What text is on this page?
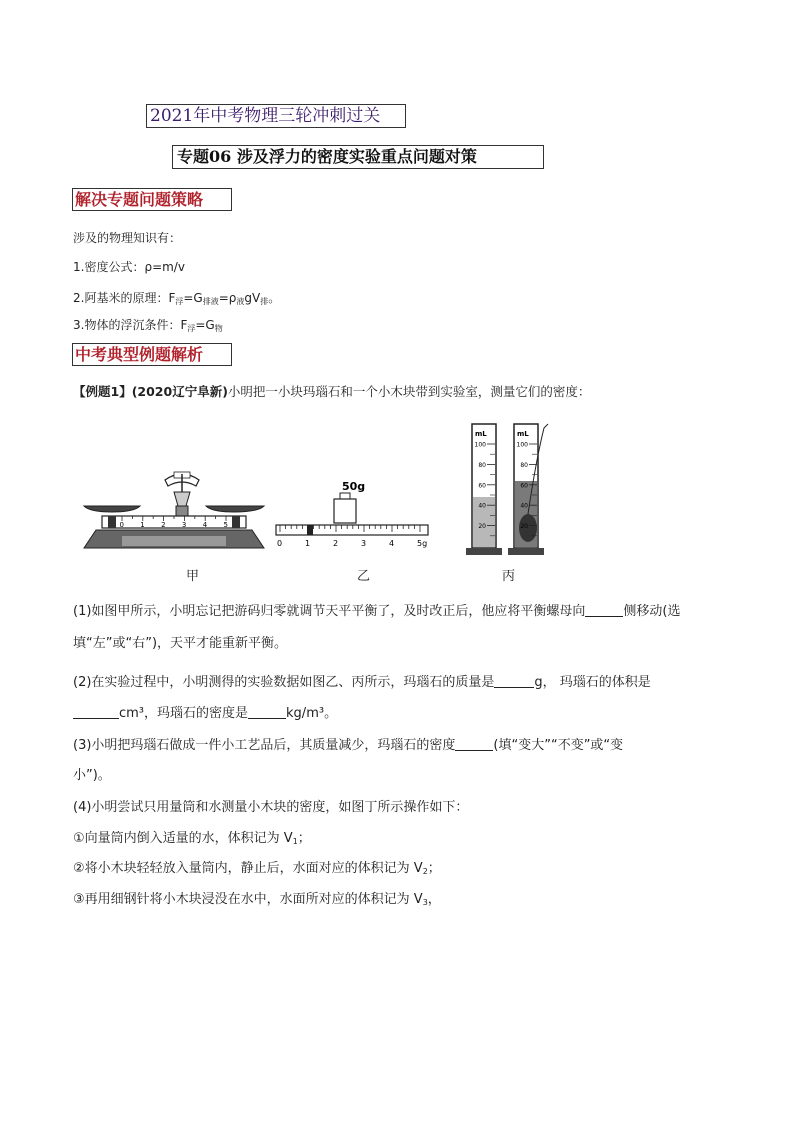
2021年中考物理三轮冲刺过关
专题06 涉及浮力的密度实验重点问题对策
解决专题问题策略
涉及的物理知识有：
1.密度公式：ρ=m/v
2.阿基米的原理：$F_浮=G_{排液}=\rho_液gV_排$。
3.物体的浮沉条件：$F_浮=G_物$
中考典型例题解析
【例题1】(2020辽宁阜新)小明把一小块玛瑙石和一个小木块带到实验室，测量它们的密度：
0 1 2 3 4 5
50g
0	1	2	3	4	5g
mL
100
80
60
40
20
mL
100
80
60
40
20
甲	乙	丙
(1)如图甲所示，小明忘记把游码归零就调节天平平衡了，及时改正后，他应将平衡螺母向	侧移动(选
填“左”或“右”)，天平才能重新平衡。
(2)在实验过程中，小明测得的实验数据如图乙、丙所示，玛瑙石的质量是	g， 玛瑙石的体积是
cm³，玛瑙石的密度是	kg/m³。
(3)小明把玛瑙石做成一件小工艺品后，其质量减少，玛瑙石的密度	(填“变大”“不变”或“变
小”)。
(4)小明尝试只用量筒和水测量小木块的密度，如图丁所示操作如下：
①向量筒内倒入适量的水，体积记为 $V_1$；
②将小木块轻轻放入量筒内，静止后，水面对应的体积记为 $V_2$；
③再用细钢针将小木块浸没在水中，水面所对应的体积记为 $V_3$，
